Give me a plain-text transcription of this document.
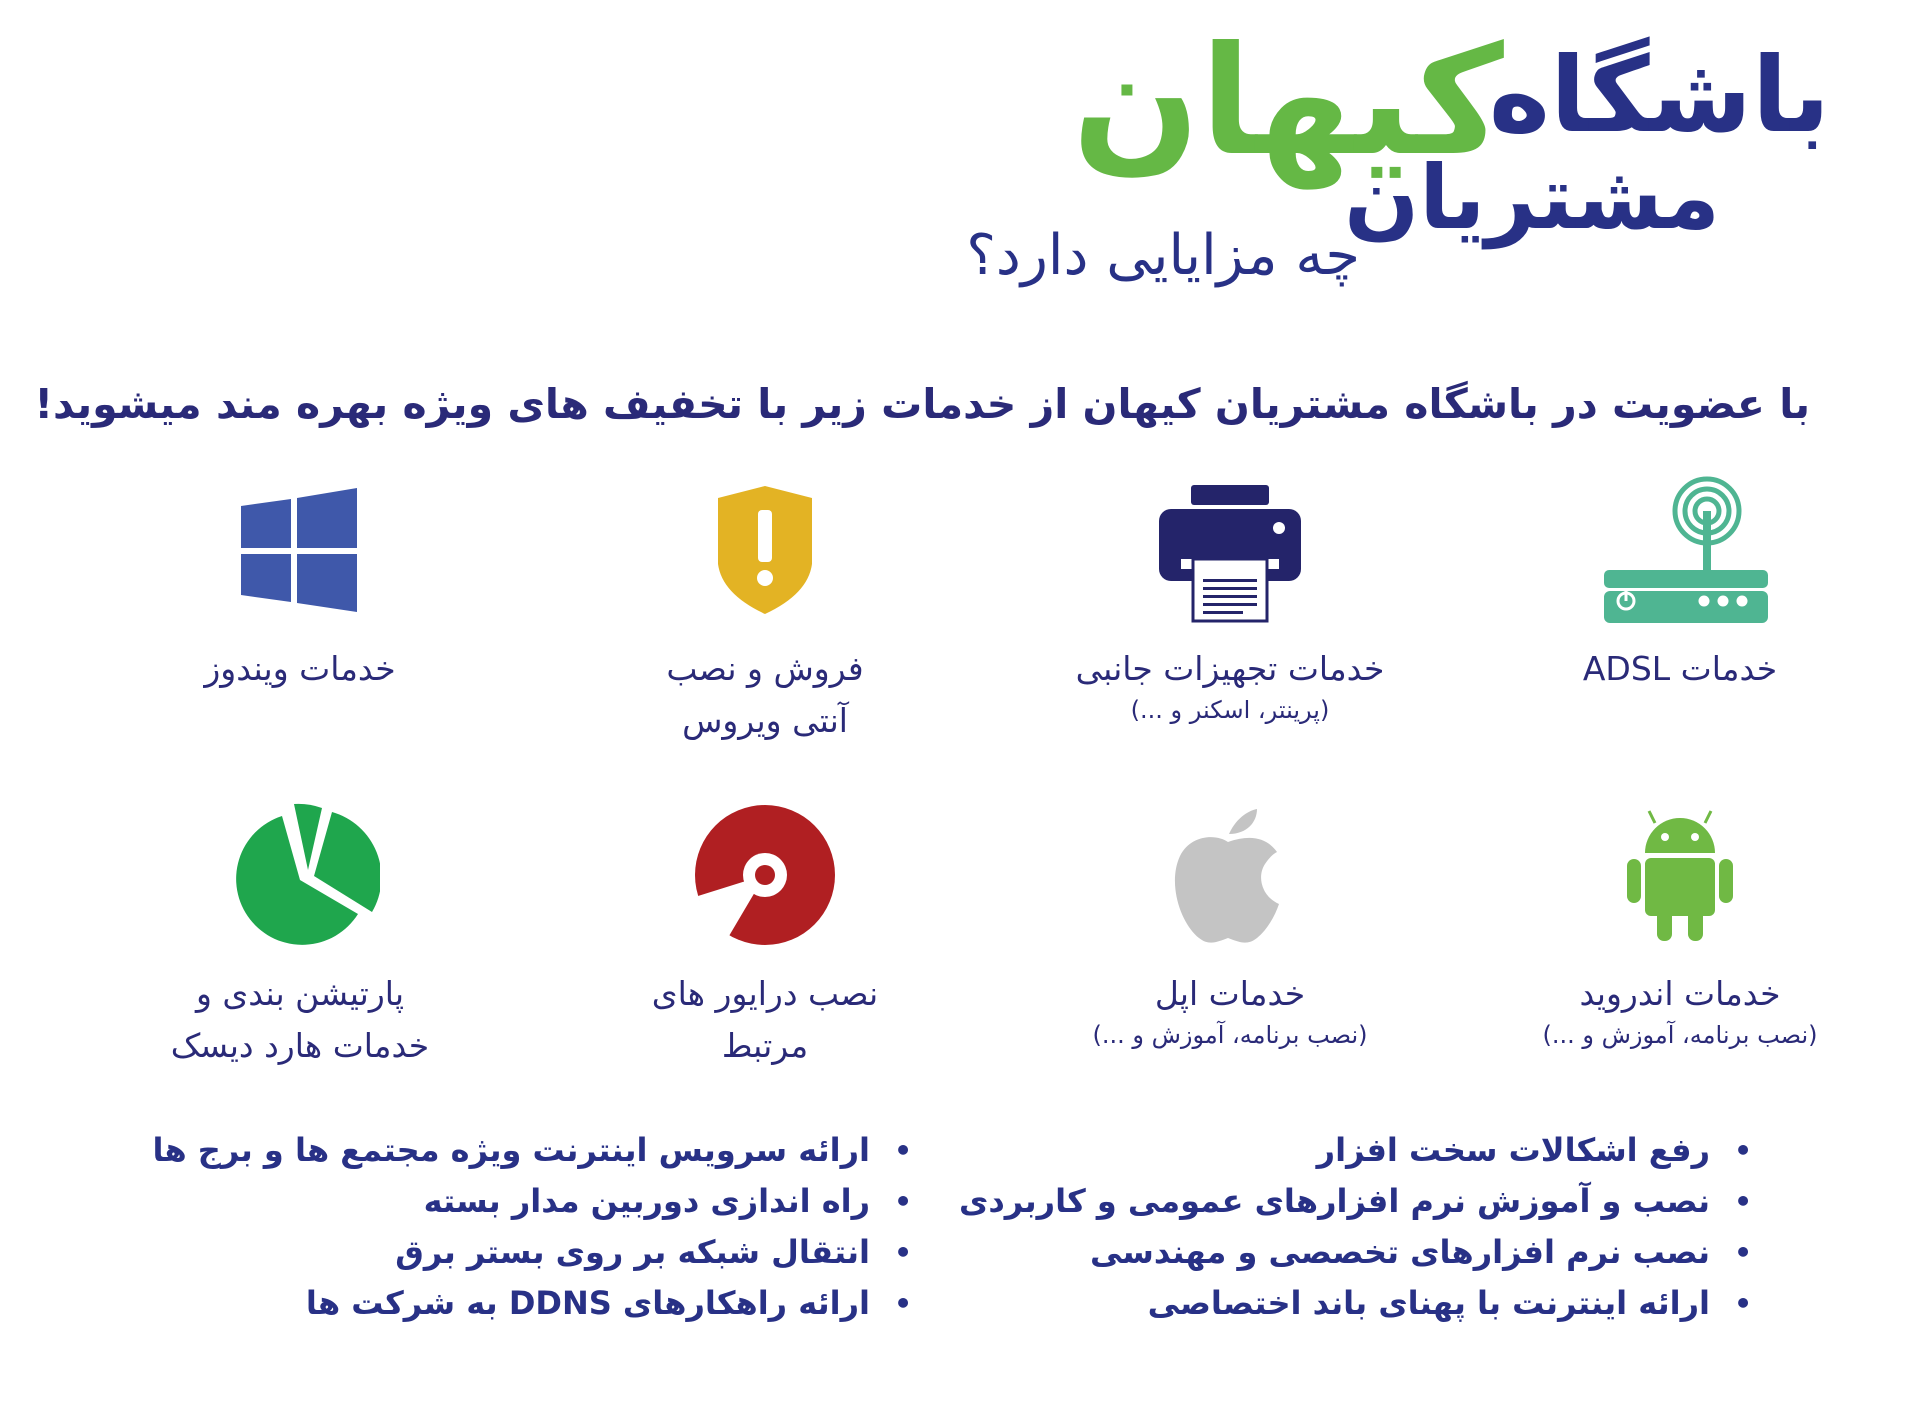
باشگاه
کیهان
مشتریان
چه مزایایی دارد؟
با عضویت در باشگاه مشتریان کیهان از خدمات زیر با تخفیف های ویژه بهره مند میشوید!
خدمات ADSL
خدمات تجهیزات جانبی
(پرینتر، اسکنر و ...)
فروش و نصب
آنتی ویروس
خدمات ویندوز
خدمات اندروید
(نصب برنامه، آموزش و ...)
خدمات اپل
(نصب برنامه، آموزش و ...)
نصب درایور های
مرتبط
پارتیشن بندی و
خدمات هارد دیسک
• رفع اشکالات سخت افزار
• نصب و آموزش نرم افزارهای عمومی و کاربردی
• نصب نرم افزارهای تخصصی و مهندسی
• ارائه اینترنت با پهنای باند اختصاصی
• ارائه سرویس اینترنت ویژه مجتمع ها و برج ها
• راه اندازی دوربین مدار بسته
• انتقال شبکه بر روی بستر برق
• ارائه راهکارهای DDNS به شرکت ها
